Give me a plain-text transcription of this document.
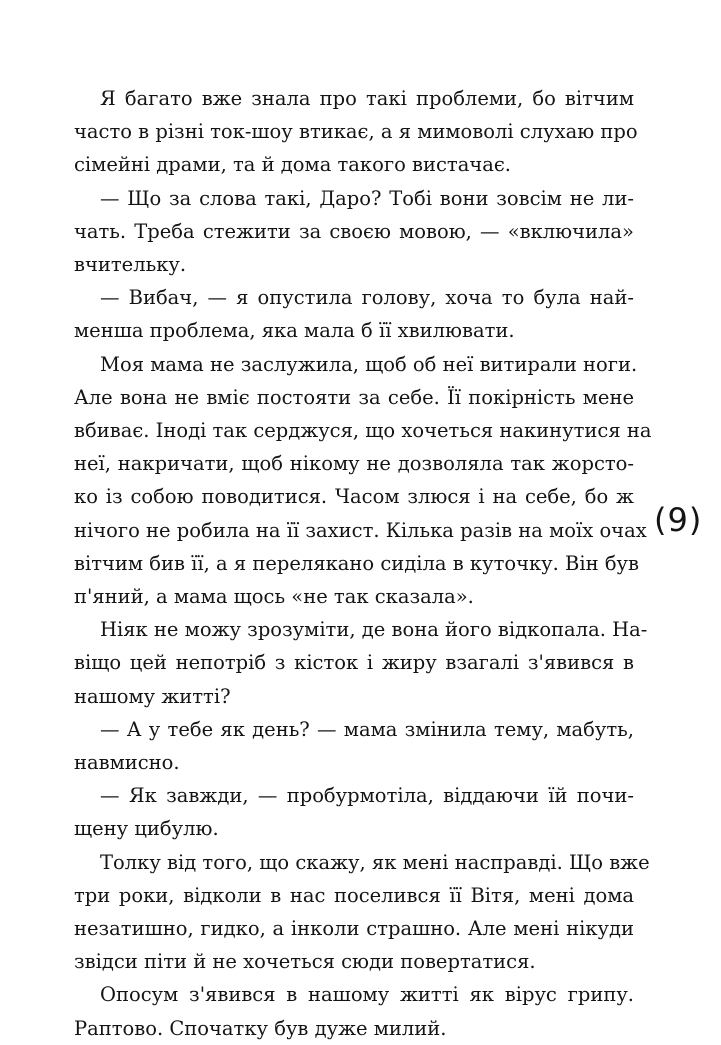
Я багато вже знала про такі проблеми, бо вітчим
часто в різні ток-шоу втикає, а я мимоволі слухаю про
сімейні драми, та й дома такого вистачає.

— Що за слова такі, Даро? Тобі вони зовсім не ли-
чать. Треба стежити за своєю мовою, — «включила»
вчительку.

— Вибач, — я опустила голову, хоча то була най-
менша проблема, яка мала б її хвилювати.

Моя мама не заслужила, щоб об неї витирали ноги.
Але вона не вміє постояти за себе. Її покірність мене
вбиває. Іноді так серджуся, що хочеться накинутися на
неї, накричати, щоб нікому не дозволяла так жорсто-
ко із собою поводитися. Часом злюся і на себе, бо ж
нічого не робила на її захист. Кілька разів на моїх очах
вітчим бив її, а я перелякано сиділа в куточку. Він був
п'яний, а мама щось «не так сказала».

Ніяк не можу зрозуміти, де вона його відкопала. На-
віщо цей непотріб з кісток і жиру взагалі з'явився в
нашому житті?

— А у тебе як день? — мама змінила тему, мабуть,
навмисно.

— Як завжди, — пробурмотіла, віддаючи їй почи-
щену цибулю.

Толку від того, що скажу, як мені насправді. Що вже
три роки, відколи в нас поселився її Вітя, мені дома
незатишно, гидко, а інколи страшно. Але мені нікуди
звідси піти й не хочеться сюди повертатися.

Опосум з'явився в нашому житті як вірус грипу.
Раптово. Спочатку був дуже милий.

(9)
